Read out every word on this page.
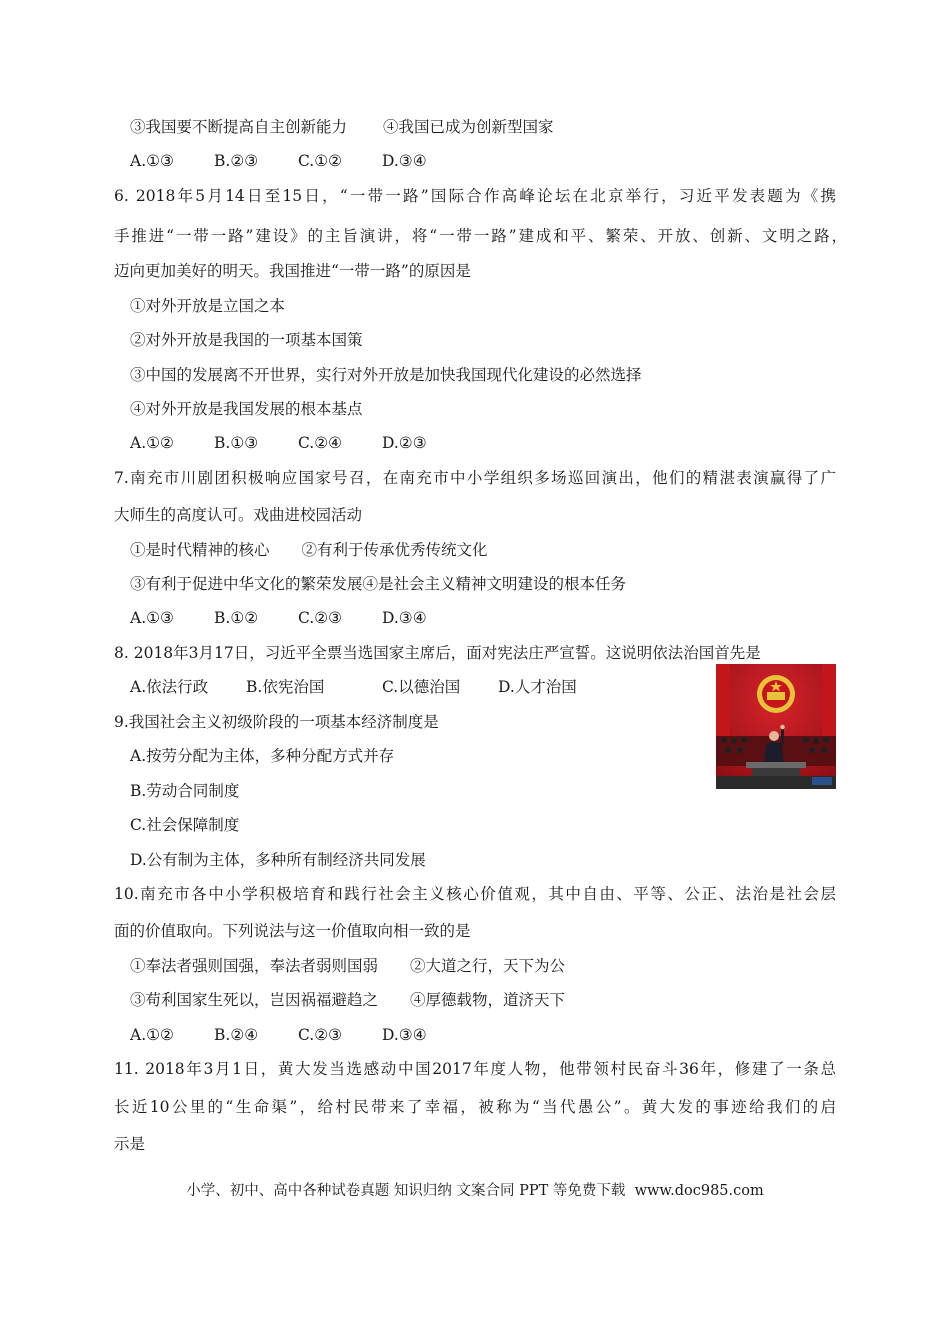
③我国要不断提高自主创新能力 ④我国已成为创新型国家
A.①③	B.②③	C.①②	D.③④
6. 2018年5月14日至15日，“一带一路”国际合作高峰论坛在北京举行，习近平发表题为《携
手推进“一带一路”建设》的主旨演讲，将“一带一路”建成和平、繁荣、开放、创新、文明之路，
迈向更加美好的明天。我国推进“一带一路”的原因是
①对外开放是立国之本
②对外开放是我国的一项基本国策
③中国的发展离不开世界，实行对外开放是加快我国现代化建设的必然选择
④对外开放是我国发展的根本基点
A.①②	B.①③	C.②④	D.②③
7.南充市川剧团积极响应国家号召，在南充市中小学组织多场巡回演出，他们的精湛表演赢得了广
大师生的高度认可。戏曲进校园活动
①是时代精神的核心 ②有利于传承优秀传统文化
③有利于促进中华文化的繁荣发展④是社会主义精神文明建设的根本任务
A.①③	B.①②	C.②③	D.③④
8. 2018年3月17日，习近平全票当选国家主席后，面对宪法庄严宣誓。这说明依法治国首先是
A.依法行政 B.依宪治国	C.以德治国 D.人才治国
9.我国社会主义初级阶段的一项基本经济制度是
A.按劳分配为主体，多种分配方式并存
B.劳动合同制度
C.社会保障制度
D.公有制为主体，多种所有制经济共同发展
10.南充市各中小学积极培育和践行社会主义核心价值观，其中自由、平等、公正、法治是社会层
面的价值取向。下列说法与这一价值取向相一致的是
①奉法者强则国强，奉法者弱则国弱 ②大道之行，天下为公
③苟利国家生死以，岂因祸福避趋之 ④厚德载物，道济天下
A.①②	B.②④	C.②③	D.③④
11. 2018年3月1日，黄大发当选感动中国2017年度人物，他带领村民奋斗36年，修建了一条总
长近10公里的“生命渠”，给村民带来了幸福，被称为“当代愚公”。黄大发的事迹给我们的启
示是
小学、初中、高中各种试卷真题 知识归纳 文案合同 PPT 等免费下载 www.doc985.com
